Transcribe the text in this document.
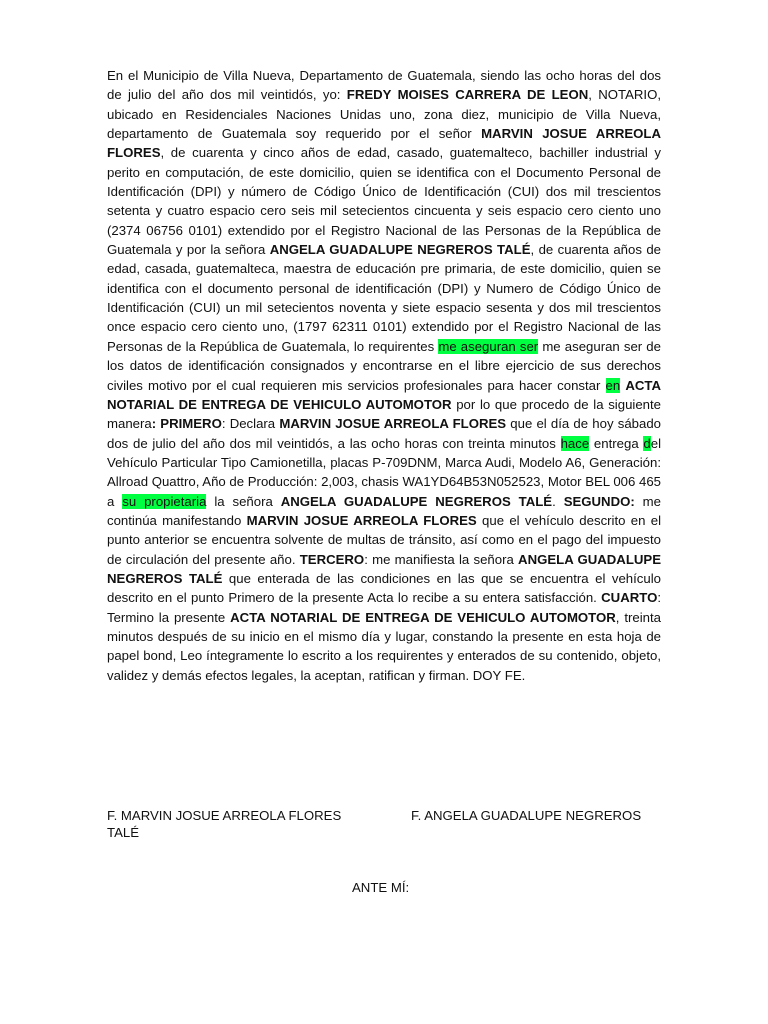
En el Municipio de Villa Nueva, Departamento de Guatemala, siendo las ocho horas del dos de julio del año dos mil veintidós, yo: FREDY MOISES CARRERA DE LEON, NOTARIO, ubicado en Residenciales Naciones Unidas uno, zona diez, municipio de Villa Nueva, departamento de Guatemala soy requerido por el señor MARVIN JOSUE ARREOLA FLORES, de cuarenta y cinco años de edad, casado, guatemalteco, bachiller industrial y perito en computación, de este domicilio, quien se identifica con el Documento Personal de Identificación (DPI) y número de Código Único de Identificación (CUI) dos mil trescientos setenta y cuatro espacio cero seis mil setecientos cincuenta y seis espacio cero ciento uno (2374 06756 0101) extendido por el Registro Nacional de las Personas de la República de Guatemala y por la señora ANGELA GUADALUPE NEGREROS TALÉ, de cuarenta años de edad, casada, guatemalteca, maestra de educación pre primaria, de este domicilio, quien se identifica con el documento personal de identificación (DPI) y Numero de Código Único de Identificación (CUI) un mil setecientos noventa y siete espacio sesenta y dos mil trescientos once espacio cero ciento uno, (1797 62311 0101) extendido por el Registro Nacional de las Personas de la República de Guatemala, lo requirentes me aseguran ser me aseguran ser de los datos de identificación consignados y encontrarse en el libre ejercicio de sus derechos civiles motivo por el cual requieren mis servicios profesionales para hacer constar en ACTA NOTARIAL DE ENTREGA DE VEHICULO AUTOMOTOR por lo que procedo de la siguiente manera: PRIMERO: Declara MARVIN JOSUE ARREOLA FLORES que el día de hoy sábado dos de julio del año dos mil veintidós, a las ocho horas con treinta minutos hace entrega del Vehículo Particular Tipo Camionetilla, placas P-709DNM, Marca Audi, Modelo A6, Generación: Allroad Quattro, Año de Producción: 2,003, chasis WA1YD64B53N052523, Motor BEL 006 465 a su propietaria la señora ANGELA GUADALUPE NEGREROS TALÉ. SEGUNDO: me continúa manifestando MARVIN JOSUE ARREOLA FLORES que el vehículo descrito en el punto anterior se encuentra solvente de multas de tránsito, así como en el pago del impuesto de circulación del presente año. TERCERO: me manifiesta la señora ANGELA GUADALUPE NEGREROS TALÉ que enterada de las condiciones en las que se encuentra el vehículo descrito en el punto Primero de la presente Acta lo recibe a su entera satisfacción. CUARTO: Termino la presente ACTA NOTARIAL DE ENTREGA DE VEHICULO AUTOMOTOR, treinta minutos después de su inicio en el mismo día y lugar, constando la presente en esta hoja de papel bond, Leo íntegramente lo escrito a los requirentes y enterados de su contenido, objeto, validez y demás efectos legales, la aceptan, ratifican y firman. DOY FE.

F. MARVIN JOSUE ARREOLA FLORES	F. ANGELA GUADALUPE NEGREROS
TALÉ
ANTE MÍ:
